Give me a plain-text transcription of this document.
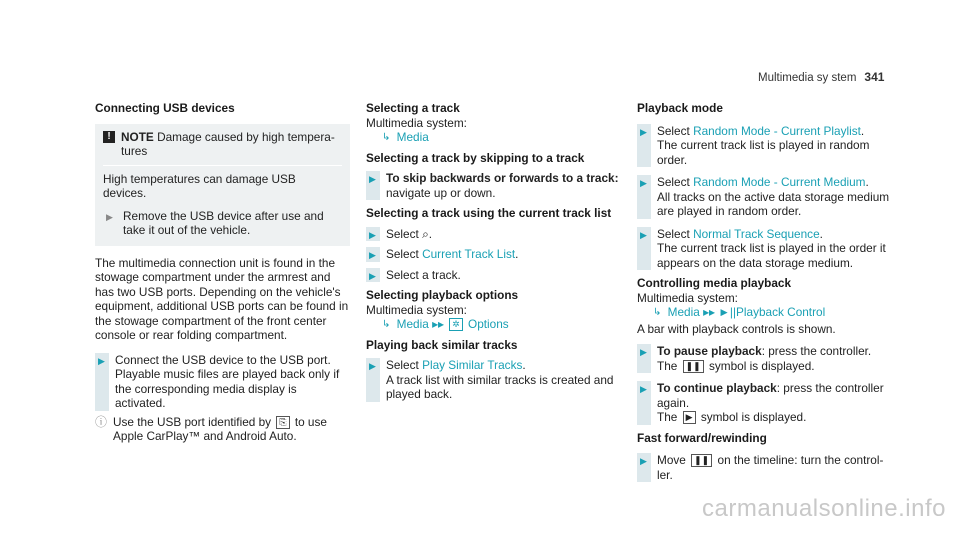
Multimedia sy stem 341

Connecting USB devices

! NOTE Damage caused by high tempera-
tures

High temperatures can damage USB devices.

▶ Remove the USB device after use and take it out of the vehicle.

The multimedia connection unit is found in the stowage compartment under the armrest and has two USB ports. Depending on the vehicle's equipment, additional USB ports can be found in the stowage compartment of the front center console or rear folding compartment.

▶ Connect the USB device to the USB port. Playable music files are played back only if the corresponding media display is activated.
ⓘ Use the USB port identified by ⎘ to use Apple CarPlay™ and Android Auto.

Selecting a track

Multimedia system:

↳ Media

Selecting a track by skipping to a track

▶ To skip backwards or forwards to a track: navigate up or down.

Selecting a track using the current track list

▶ Select ⌕.
▶ Select Current Track List.
▶ Select a track.

Selecting playback options

Multimedia system:

↳ Media ▸▸ ✲ Options

Playing back similar tracks

▶ Select Play Similar Tracks.
A track list with similar tracks is created and played back.

Playback mode

▶ Select Random Mode - Current Playlist.
The current track list is played in random order.
▶ Select Random Mode - Current Medium.
All tracks on the active data storage medium are played in random order.
▶ Select Normal Track Sequence.
The current track list is played in the order it appears on the data storage medium.

Controlling media playback

Multimedia system:

↳ Media ▸▸ ►||Playback Control

A bar with playback controls is shown.

▶ To pause playback: press the controller.
The ❚❚ symbol is displayed.
▶ To continue playback: press the controller again.
The ▶ symbol is displayed.

Fast forward/rewinding

▶ Move ❚❚ on the timeline: turn the control-ler.
carmanualsonline.info
